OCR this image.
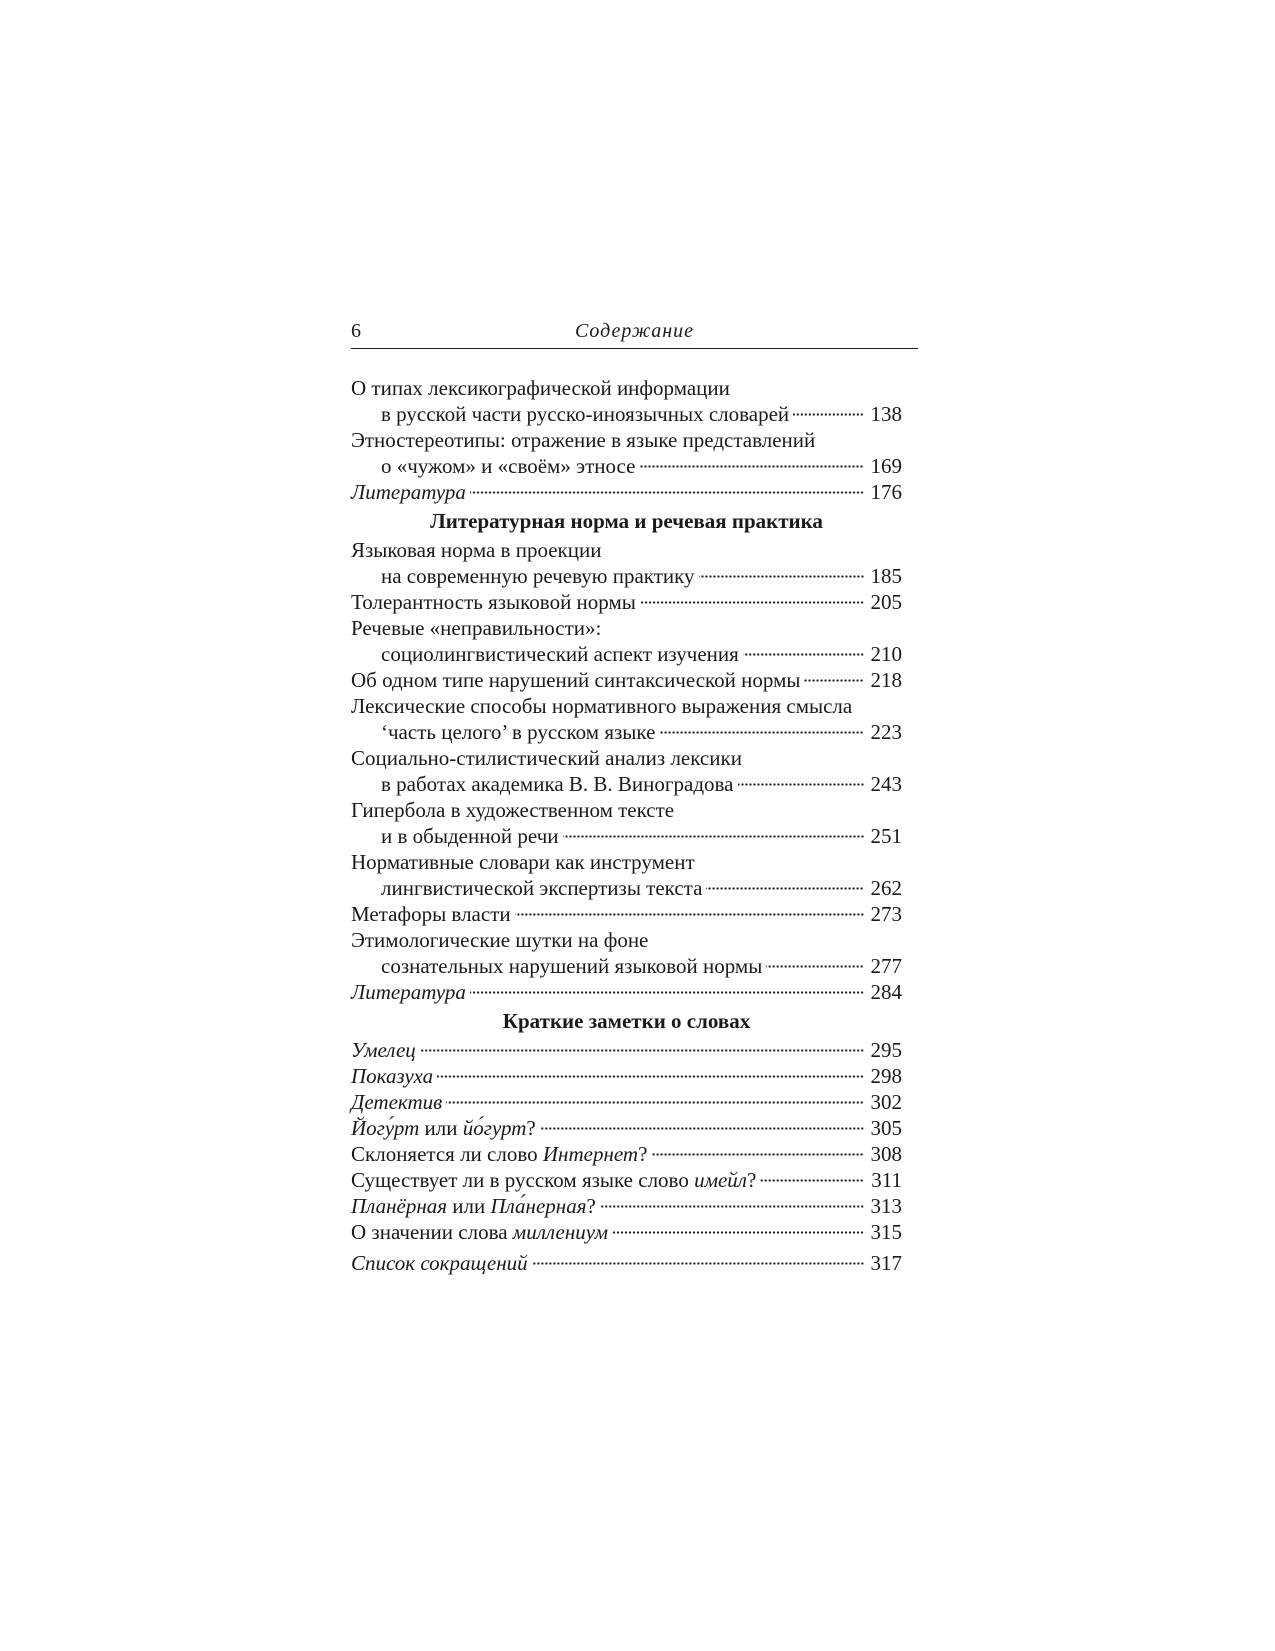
6	Содержание
О типах лексикографической информации
в русской части русско-иноязычных словарей	138
Этностереотипы: отражение в языке представлений
о «чужом» и «своём» этносе	169
Литература	176
Литературная норма и речевая практика
Языковая норма в проекции
на современную речевую практику	185
Толерантность языковой нормы	205
Речевые «неправильности»:
социолингвистический аспект изучения	210
Об одном типе нарушений синтаксической нормы	218
Лексические способы нормативного выражения смысла
‘часть целого’ в русском языке	223
Социально-стилистический анализ лексики
в работах академика В. В. Виноградова	243
Гипербола в художественном тексте
и в обыденной речи	251
Нормативные словари как инструмент
лингвистической экспертизы текста	262
Метафоры власти	273
Этимологические шутки на фоне
сознательных нарушений языковой нормы	277
Литература	284
Краткие заметки о словах
Умелец	295
Показуха	298
Детектив	302
Йогу́рт или йо́гурт?	305
Склоняется ли слово Интернет?	308
Существует ли в русском языке слово имейл?	311
Планёрная или Пла́нерная?	313
О значении слова миллениум	315
Список сокращений	317
